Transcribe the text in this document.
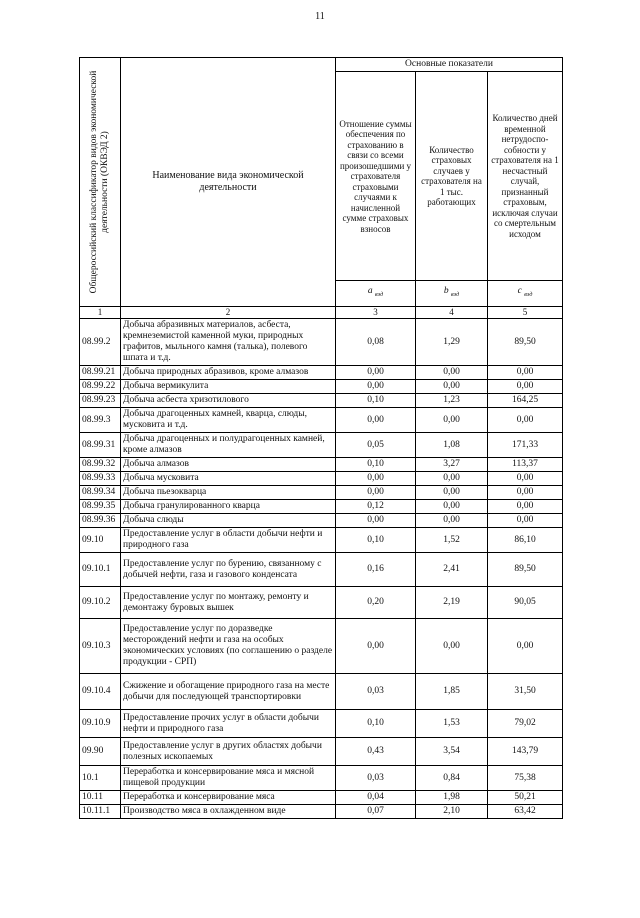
11
Общероссийский классификатор видов экономической деятельности (ОКВЭД 2)	Наименование вида экономической деятельности	Основные показатели		
		Отношение суммы обеспечения по страхованию в связи со всеми произошедшими у страхователя страховыми случаями к начисленной сумме страховых взносов	Количество страховых случаев у страхователя на 1 тыс. работающих	Количество дней временной нетрудоспо-собности у страхователя на 1 несчастный случай, признанный страховым, исключая случаи со смертельным исходом
		a $_{вэд}$	b $_{вэд}$	c $_{вэд}$
1	2	3	4	5
08.99.2	Добыча абразивных материалов, асбеста, кремнеземистой каменной муки, природных графитов, мыльного камня (талька), полевого шпата и т.д.	0,08	1,29	89,50
08.99.21	Добыча природных абразивов, кроме алмазов	0,00	0,00	0,00
08.99.22	Добыча вермикулита	0,00	0,00	0,00
08.99.23	Добыча асбеста хризотилового	0,10	1,23	164,25
08.99.3	Добыча драгоценных камней, кварца, слюды, мусковита и т.д.	0,00	0,00	0,00
08.99.31	Добыча драгоценных и полудрагоценных камней, кроме алмазов	0,05	1,08	171,33
08.99.32	Добыча алмазов	0,10	3,27	113,37
08.99.33	Добыча мусковита	0,00	0,00	0,00
08.99.34	Добыча пьезокварца	0,00	0,00	0,00
08.99.35	Добыча гранулированного кварца	0,12	0,00	0,00
08.99.36	Добыча слюды	0,00	0,00	0,00
09.10	Предоставление услуг в области добычи нефти и природного газа	0,10	1,52	86,10
09.10.1	Предоставление услуг по бурению, связанному с добычей нефти, газа и газового конденсата	0,16	2,41	89,50
09.10.2	Предоставление услуг по монтажу, ремонту и демонтажу буровых вышек	0,20	2,19	90,05
09.10.3	Предоставление услуг по доразведке месторождений нефти и газа на особых экономических условиях (по соглашению о разделе продукции - СРП)	0,00	0,00	0,00
09.10.4	Сжижение и обогащение природного газа на месте добычи для последующей транспортировки	0,03	1,85	31,50
09.10.9	Предоставление прочих услуг в области добычи нефти и природного газа	0,10	1,53	79,02
09.90	Предоставление услуг в других областях добычи полезных ископаемых	0,43	3,54	143,79
10.1	Переработка и консервирование мяса и мясной пищевой продукции	0,03	0,84	75,38
10.11	Переработка и консервирование мяса	0,04	1,98	50,21
10.11.1	Производство мяса в охлажденном виде	0,07	2,10	63,42
